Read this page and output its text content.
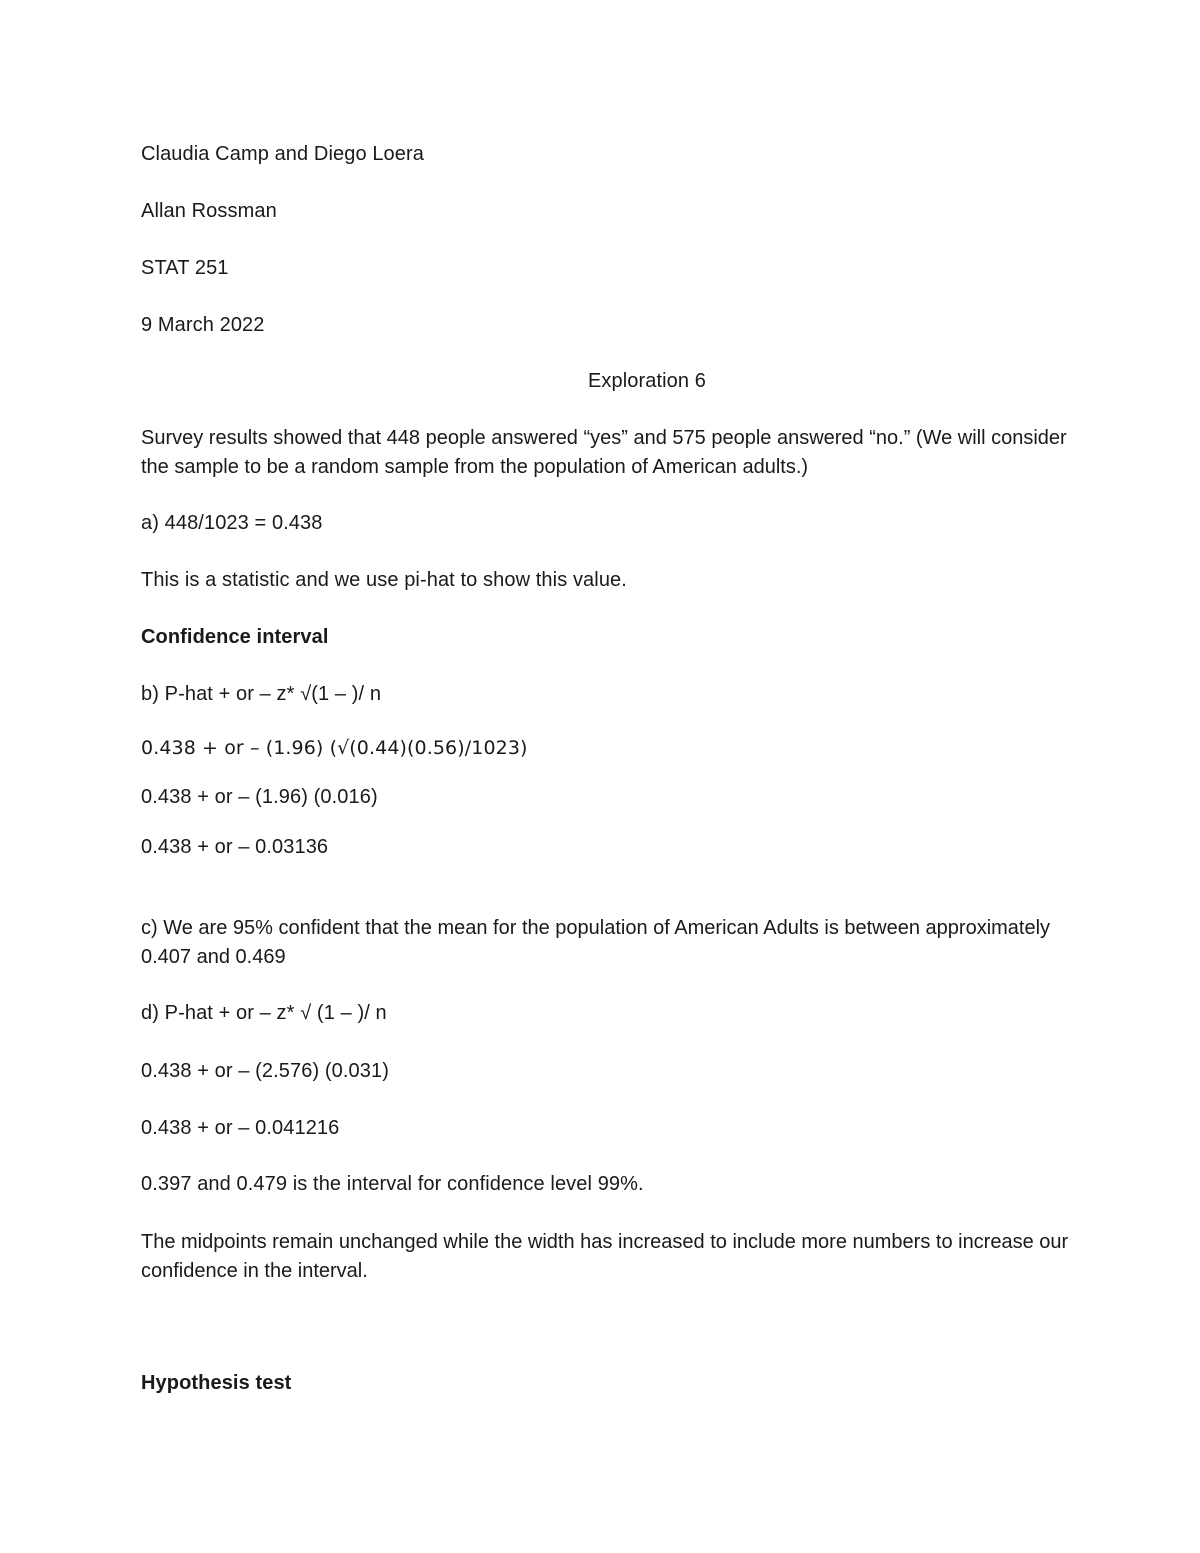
Claudia Camp and Diego Loera
Allan Rossman
STAT 251
9 March 2022
Exploration 6
Survey results showed that 448 people answered “yes” and 575 people answered “no.” (We will consider the sample to be a random sample from the population of American adults.)
a) 448/1023 = 0.438
This is a statistic and we use pi-hat to show this value.
Confidence interval
b) P-hat + or – z* √(1 – )/ n
0.438 + or – (1.96) (√(0.44)(0.56)/1023)
0.438 + or – (1.96) (0.016)
0.438 + or – 0.03136
c) We are 95% confident that the mean for the population of American Adults is between approximately 0.407 and 0.469
d) P-hat + or – z* √ (1 – )/ n
0.438 + or – (2.576) (0.031)
0.438 + or – 0.041216
0.397 and 0.479 is the interval for confidence level 99%.
The midpoints remain unchanged while the width has increased to include more numbers to increase our confidence in the interval.
Hypothesis test
